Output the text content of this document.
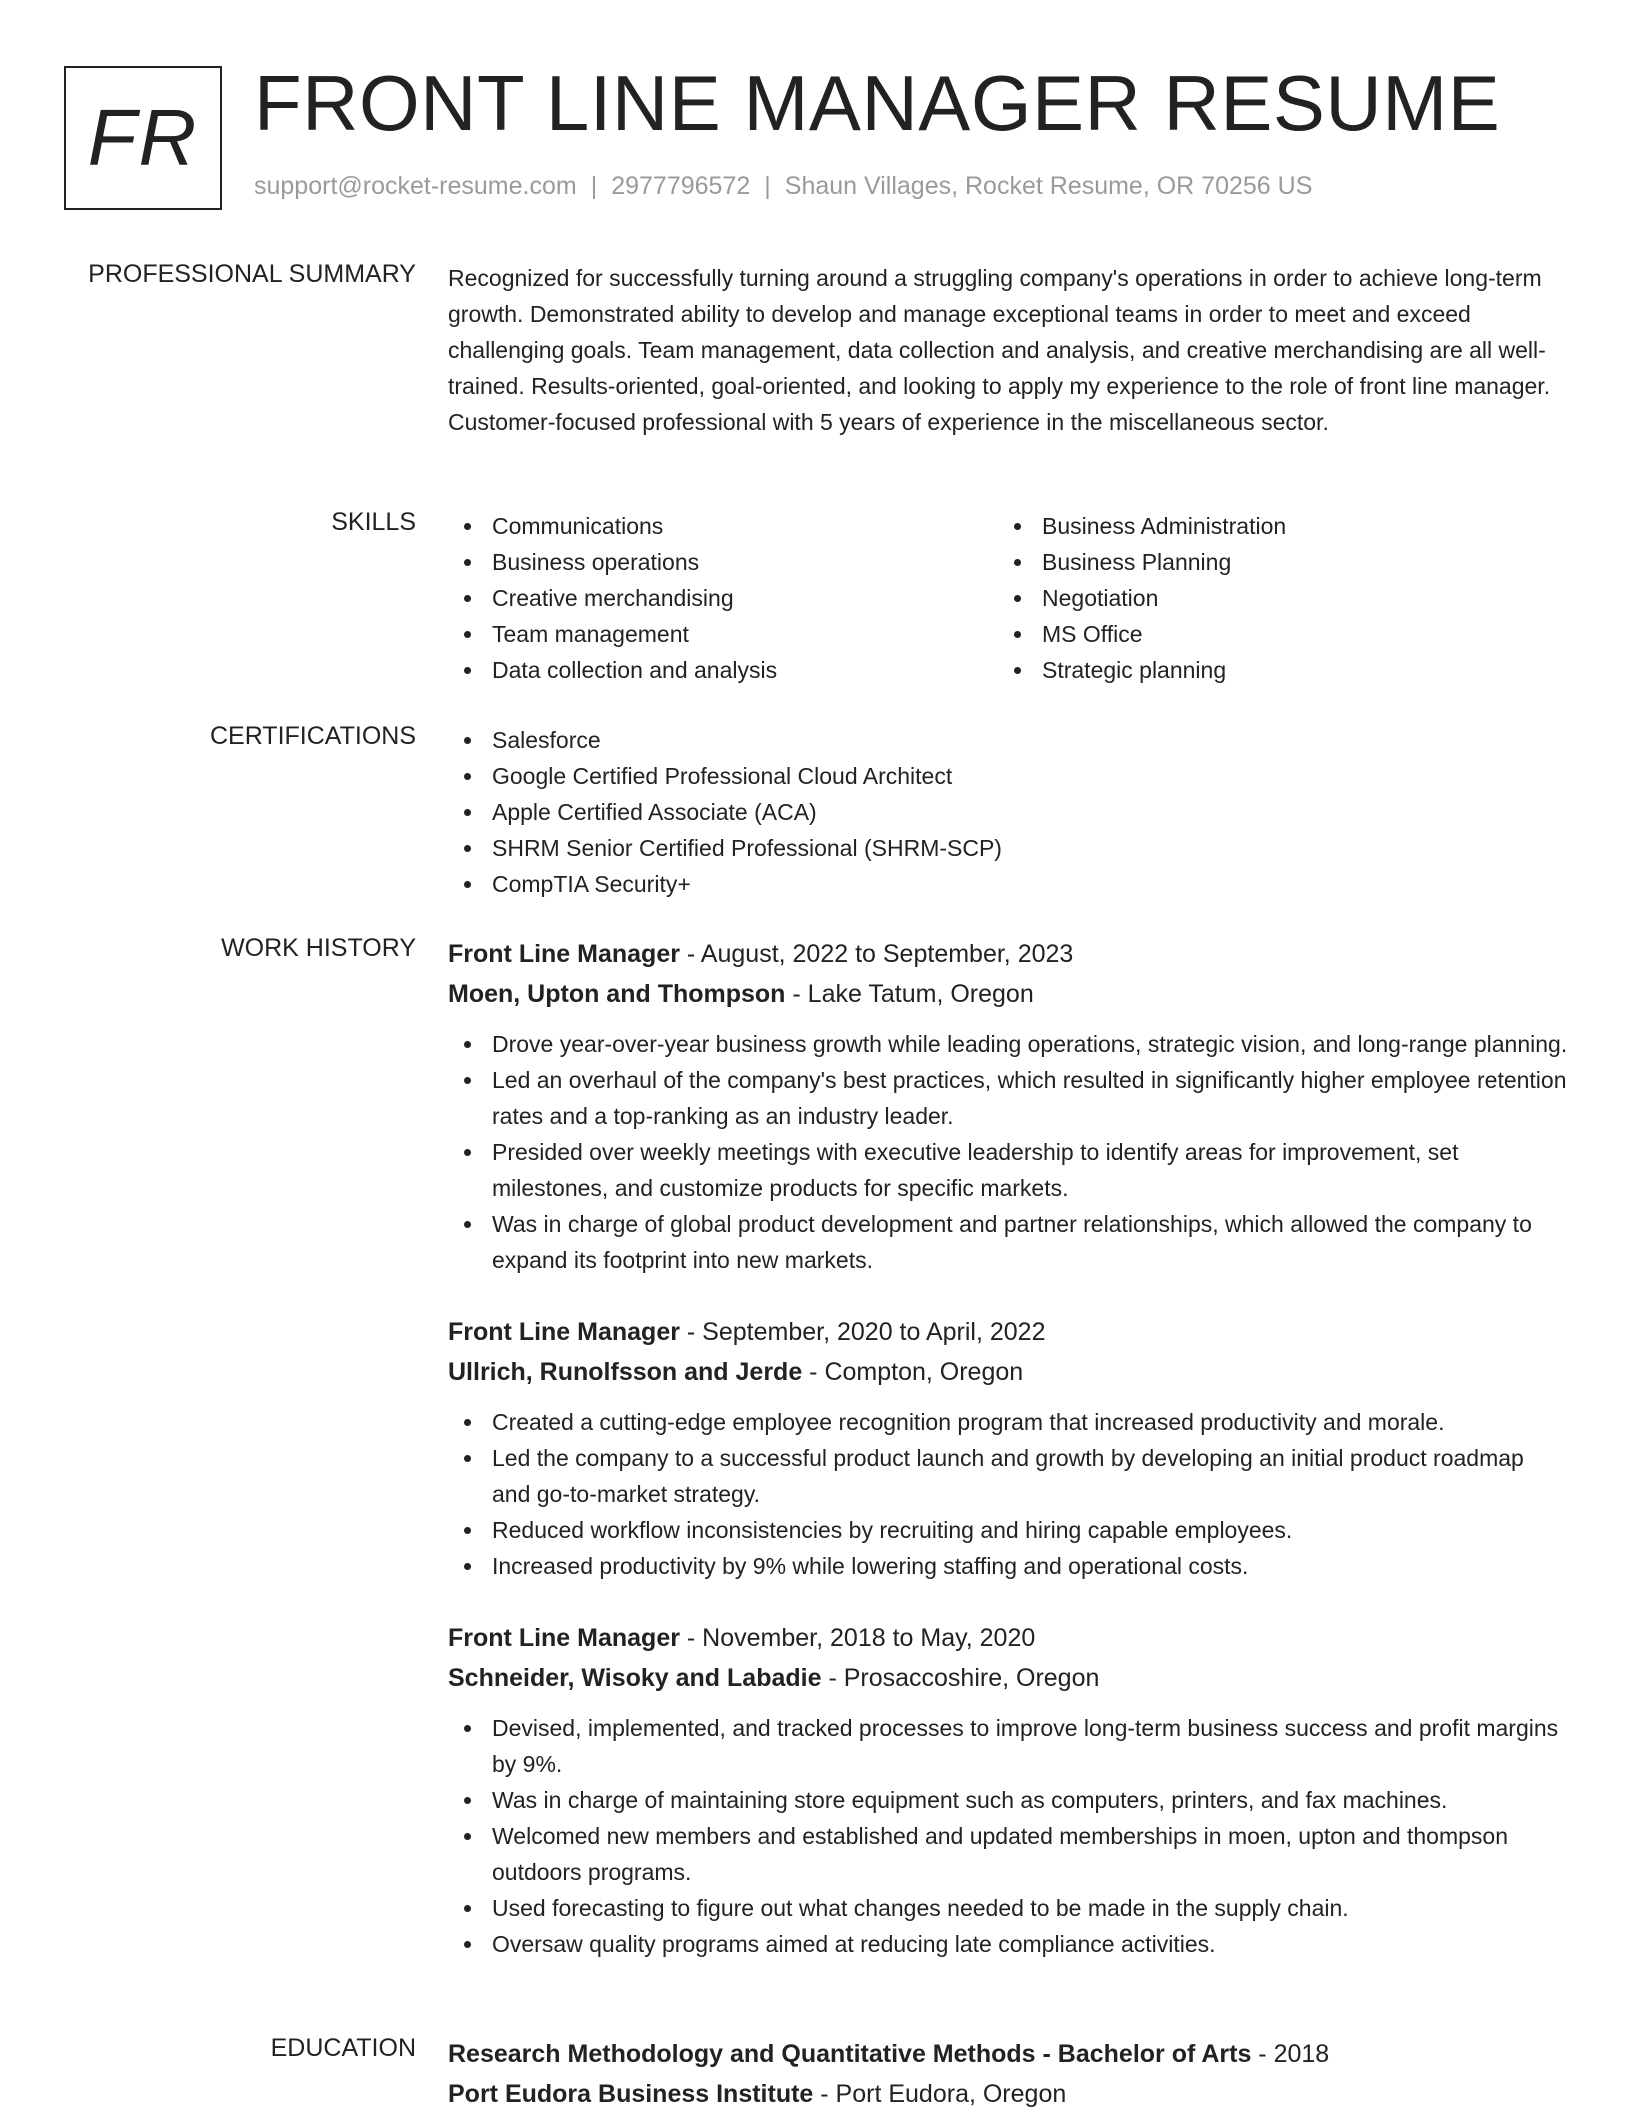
FR FRONT LINE MANAGER RESUME
support@rocket-resume.com | 2977796572 | Shaun Villages, Rocket Resume, OR 70256 US
PROFESSIONAL SUMMARY Recognized for successfully turning around a struggling company's operations in order to achieve long-term growth. Demonstrated ability to develop and manage exceptional teams in order to meet and exceed challenging goals. Team management, data collection and analysis, and creative merchandising are all well-trained. Results-oriented, goal-oriented, and looking to apply my experience to the role of front line manager. Customer-focused professional with 5 years of experience in the miscellaneous sector.
SKILLS	Communications
Business operations
Creative merchandising
Team management
Data collection and analysis
Business Administration
Business Planning
Negotiation
MS Office
Strategic planning
CERTIFICATIONS	Salesforce
Google Certified Professional Cloud Architect
Apple Certified Associate (ACA)
SHRM Senior Certified Professional (SHRM-SCP)
CompTIA Security+
WORK HISTORY Front Line Manager - August, 2022 to September, 2023
Moen, Upton and Thompson - Lake Tatum, Oregon
Drove year-over-year business growth while leading operations, strategic vision, and long-range planning.
Led an overhaul of the company's best practices, which resulted in significantly higher employee retention rates and a top-ranking as an industry leader.
Presided over weekly meetings with executive leadership to identify areas for improvement, set milestones, and customize products for specific markets.
Was in charge of global product development and partner relationships, which allowed the company to expand its footprint into new markets.
Front Line Manager - September, 2020 to April, 2022
Ullrich, Runolfsson and Jerde - Compton, Oregon
Created a cutting-edge employee recognition program that increased productivity and morale.
Led the company to a successful product launch and growth by developing an initial product roadmap and go-to-market strategy.
Reduced workflow inconsistencies by recruiting and hiring capable employees.
Increased productivity by 9% while lowering staffing and operational costs.
Front Line Manager - November, 2018 to May, 2020
Schneider, Wisoky and Labadie - Prosaccoshire, Oregon
Devised, implemented, and tracked processes to improve long-term business success and profit margins by 9%.
Was in charge of maintaining store equipment such as computers, printers, and fax machines.
Welcomed new members and established and updated memberships in moen, upton and thompson outdoors programs.
Used forecasting to figure out what changes needed to be made in the supply chain.
Oversaw quality programs aimed at reducing late compliance activities.
EDUCATION Research Methodology and Quantitative Methods - Bachelor of Arts - 2018
Port Eudora Business Institute - Port Eudora, Oregon
